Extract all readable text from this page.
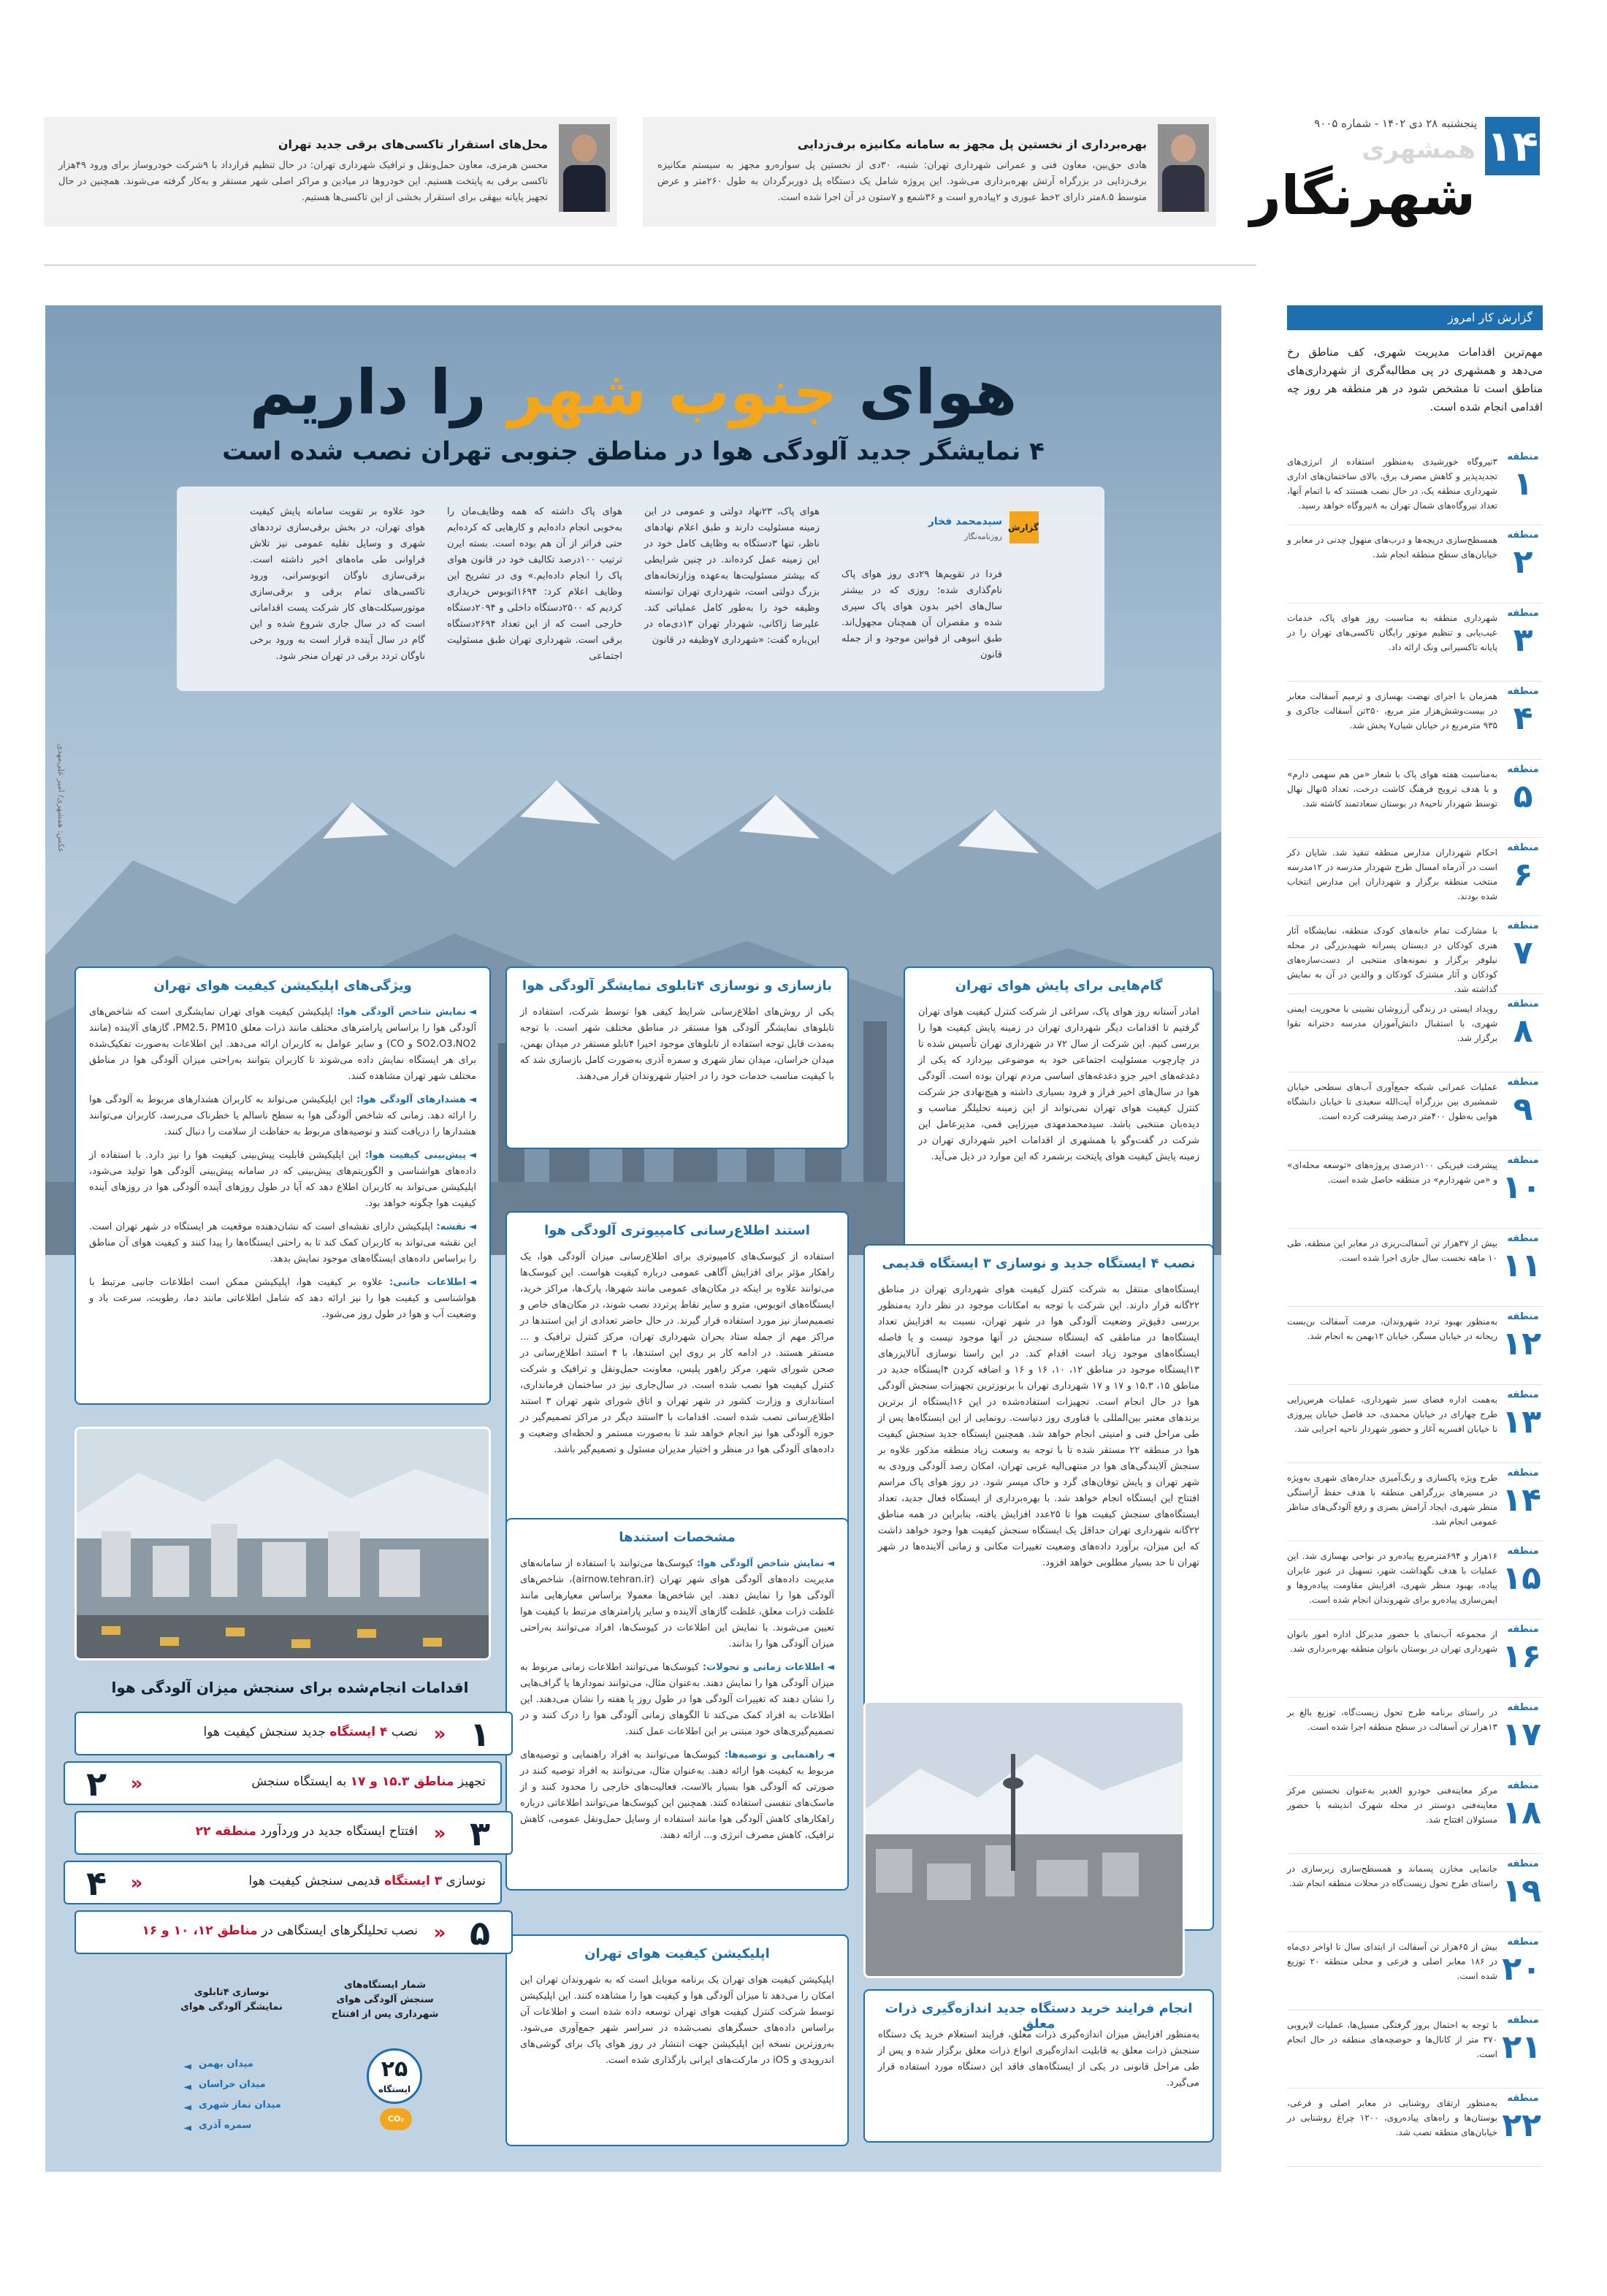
۱۴
پنجشنبه ۲۸ دی ۱۴۰۲ - شماره ۹۰۰۵
همشهری
شهرنگار
بهره‌برداری از نخستین پل مجهز به سامانه مکانیزه برف‌زدایی
هادی حق‌بین، معاون فنی و عمرانی شهرداری تهران: شنبه، ۳۰دی از نخستین پل سواره‌رو مجهز به سیستم مکانیزه برف‌زدایی در بزرگراه آرتش بهره‌برداری می‌شود. این پروژه شامل یک دستگاه پل دوربرگردان به طول ۲۶۰متر و عرض متوسط ۸.۵متر دارای ۲خط عبوری و ۲پیاده‌رو است و ۳۶شمع و ۷ستون در آن اجرا شده است.
محل‌های استقرار تاکسی‌های برقی جدید تهران
محسن هرمزی، معاون حمل‌ونقل و ترافیک شهرداری تهران: در حال تنظیم قرارداد با ۹شرکت خودروساز برای ورود ۴۹هزار تاکسی برقی به پایتخت هستیم. این خودروها در میادین و مراکز اصلی شهر مستقر و به‌کار گرفته می‌شوند. همچنین در حال تجهیز پایانه بیهقی برای استقرار بخشی از این تاکسی‌ها هستیم.
گزارش کار امروز
مهم‌ترین اقدامات مدیریت شهری، کف مناطق رخ می‌دهد و همشهری در پی مطالبه‌گری از شهرداری‌های مناطق است تا مشخص شود در هر منطقه هر روز چه اقدامی انجام شده است.
منطقه
۱
۳نیروگاه خورشیدی به‌منظور استفاده از انرژی‌های تجدیدپذیر و کاهش مصرف برق، بالای ساختمان‌های اداری شهرداری منطقه یک، در حال نصب هستند که با اتمام آنها، تعداد نیروگاه‌های شمال تهران به ۸نیروگاه خواهد رسید.
منطقه
۲
همسطح‌سازی دریچه‌ها و درب‌های منهول چدنی در معابر و خیابان‌های سطح منطقه انجام شد.
منطقه
۳
شهرداری منطقه به مناسبت روز هوای پاک، خدمات عیب‌یابی و تنظیم موتور رایگان تاکسی‌های تهران را در پایانه تاکسیرانی ونک ارائه داد.
منطقه
۴
همزمان با اجرای نهضت بهسازی و ترمیم آسفالت معابر در بیست‌وشش‌هزار متر مربع، ۲۵۰تن آسفالت جاکری و ۹۳۵ مترمربع در خیابان شیان۷ پخش شد.
منطقه
۵
به‌مناسبت هفته هوای پاک با شعار «من هم سهمی دارم» و با هدف ترویج فرهنگ کاشت درخت، تعداد ۵نهال نهال توسط شهردار ناحیه۸ در بوستان سعادتمند کاشته شد.
منطقه
۶
احکام شهرداران مدارس منطقه تنفیذ شد. شایان ذکر است در آذرماه امسال طرح شهردار مدرسه در ۱۲مدرسه منتخب منطقه برگزار و شهرداران این مدارس انتخاب شده بودند.
منطقه
۷
با مشارکت تمام خانه‌های کودک منطقه، نمایشگاه آثار هنری کودکان در دبستان پسرانه شهیدبزرگی در محله نیلوفر برگزار و نمونه‌های منتخبی از دست‌سازه‌های کودکان و آثار مشترک کودکان و والدین در آن به نمایش گذاشته شد.
منطقه
۸
رویداد ایستی در زندگی آرزوشان نشینی با محوریت ایمنی شهری، با استقبال دانش‌آموزان مدرسه دخترانه نقوا برگزار شد.
منطقه
۹
عملیات عمرانی شبکه جمع‌آوری آب‌های سطحی خیابان شمشیری بین بزرگراه آیت‌الله سعیدی تا خیابان دانشگاه هوایی به‌طول ۴۰۰متر درصد پیشرفت کرده است.
منطقه
۱۰
پیشرفت فیزیکی ۱۰۰درصدی پروژه‌های «توسعه محله‌ای» و «من شهردارم» در منطقه حاصل شده است.
منطقه
۱۱
بیش از ۳۷هزار تن آسفالت‌ریزی در معابر این منطقه، طی ۱۰ ماهه نخست سال جاری اجرا شده است.
منطقه
۱۲
به‌منظور بهبود تردد شهروندان، مرمت آسفالت بن‌بست ریحانه در خیابان مسگر، خیابان ۱۲بهمن به انجام شد.
منطقه
۱۳
به‌همت اداره فضای سبز شهرداری، عملیات هرس‌زایی طرح چهارای در خیابان محمدی، حد فاصل خیابان پیروزی تا خیابان افسریه آغاز و حضور شهردار ناحیه اجرایی شد.
منطقه
۱۴
طرح ویژه پاکسازی و رنگ‌آمیزی جداره‌های شهری به‌ویژه در مسیرهای بزرگراهی منطقه با هدف حفظ آراستگی منظر شهری، ایجاد آرامش بصری و رفع آلودگی‌های مناظر عمومی انجام شد.
منطقه
۱۵
۱۶هزار و ۶۹۴مترمربع پیاده‌رو در نواحی بهسازی شد. این عملیات با هدف نگهداشت شهر، تسهیل در عبور عابران پیاده، بهبود منظر شهری، افزایش مقاومت پیاده‌روها و ایمن‌سازی پیاده‌رو برای شهروندان انجام شده است.
منطقه
۱۶
از مجموعه آب‌نمای با حضور مدیرکل اداره امور بانوان شهرداری تهران در بوستان بانوان منطقه بهره‌برداری شد.
منطقه
۱۷
در راستای برنامه طرح تحول زیست‌گاه، توزیع بالغ بر ۱۳هزار تن آسفالت در سطح منطقه اجرا شده است.
منطقه
۱۸
مرکز معاینه‌فنی خودرو الغدیر به‌عنوان نخستین مرکز معاینه‌فنی دوسنتر در محله شهرک اندیشه با حضور مسئولان افتتاح شد.
منطقه
۱۹
جانمایی مخازن پسماند و همسطح‌سازی زیرسازی در راستای طرح تحول زیست‌گاه در محلات منطقه انجام شد.
منطقه
۲۰
بیش از ۶۵هزار تن آسفالت از ابتدای سال تا اواخر دی‌ماه در ۱۸۶ معابر اصلی و فرعی و محلی منطقه ۲۰ توزیع شده است.
منطقه
۲۱
با توجه به احتمال بروز گرفتگی مسیل‌ها، عملیات لایروبی ۳۷۰ متر از کانال‌ها و حوضچه‌های منطقه در حال انجام است.
منطقه
۲۲
به‌منظور ارتقای روشنایی در معابر اصلی و فرعی، بوستان‌ها و راه‌های پیاده‌روی، ۱۲۰۰ چراغ روشنایی در خیابان‌های منطقه نصب شد.
هوای جنوب شهر را داریم
۴ نمایشگر جدید آلودگی هوا در مناطق جنوبی تهران نصب شده است
عکس: همشهری/ امیر علی‌مهدی
گزارش
سیدمحمد فخار
روزنامه‌نگار
فردا در تقویم‌ها ۲۹دی روز هوای پاک نام‌گذاری شده؛ روزی که در بیشتر سال‌های اخیر بدون هوای پاک سپری شده و مقصران آن همچنان مجهول‌اند. طبق انبوهی از قوانین موجود و از جمله قانون
هوای پاک، ۲۳نهاد دولتی و عمومی در این زمینه مسئولیت دارند و طبق اعلام نهادهای ناظر، تنها ۳دستگاه به وظایف کامل خود در این زمینه عمل کرده‌اند. در چنین شرایطی که بیشتر مسئولیت‌ها به‌عهده وزارتخانه‌های بزرگ دولتی است، شهرداری تهران توانسته وظیفه خود را به‌طور کامل عملیاتی کند. علیرضا زاکانی، شهردار تهران ۱۳دی‌ماه در این‌باره گفت: «شهرداری ۷وظیفه در قانون
هوای پاک داشته که همه وظایف‌مان را به‌خوبی انجام داده‌ایم و کارهایی که کرده‌ایم حتی فراتر از آن هم بوده است. بسته ایرن ترتیب ۱۰۰درصد تکالیف خود در قانون هوای پاک را انجام داده‌ایم.» وی در تشریح این وظایف اعلام کرد: ۱۶۹۴اتوبوس خریداری کردیم که ۲۵۰۰دستگاه داخلی و ۲۰۹۴دستگاه خارجی است که از این تعداد ۲۶۹۴دستگاه برقی است. شهرداری تهران طبق مسئولیت اجتماعی
خود علاوه بر تقویت سامانه پایش کیفیت هوای تهران، در بخش برقی‌سازی ترددهای شهری و وسایل نقلیه عمومی نیز تلاش فراوانی طی ماه‌های اخیر داشته است. برقی‌سازی ناوگان اتوبوسرانی، ورود تاکسی‌های تمام برقی و برقی‌سازی موتورسیکلت‌های کار شرکت پست اقداماتی است که در سال جاری شروع شده و این گام در سال آینده قرار است به ورود برخی ناوگان تردد برقی در تهران منجر شود.
گام‌هایی برای پایش هوای تهران
امادر آستانه روز هوای پاک، سراغی از شرکت کنترل کیفیت هوای تهران گرفتیم تا اقدامات دیگر شهرداری تهران در زمینه پایش کیفیت هوا را بررسی کنیم. این شرکت از سال ۷۲ در شهرداری تهران تأسیس شده تا در چارچوب مسئولیت اجتماعی خود به موضوعی بپردازد که یکی از دغدغه‌های اخیر جزو دغدغه‌های اساسی مردم تهران بوده است. آلودگی هوا در سال‌های اخیر فراز و فرود بسیاری داشته و هیچ‌نهادی جز شرکت کنترل کیفیت هوای تهران نمی‌تواند از این زمینه تحلیلگر مناسب و دیده‌بان منتخبی باشد. سیدمحمدمهدی میرزایی قمی، مدیرعامل این شرکت در گفت‌وگو با همشهری از اقدامات اخیر شهرداری تهران در زمینه پایش کیفیت هوای پایتخت برشمرد که این موارد در ذیل می‌آید.
نصب ۴ ایستگاه جدید و نوسازی ۳ ایستگاه قدیمی
ایستگاه‌های منتقل به شرکت کنترل کیفیت هوای شهرداری تهران در مناطق ۲۲گانه قرار دارند. این شرکت با توجه به امکانات موجود در نظر دارد به‌منظور بررسی دقیق‌تر وضعیت آلودگی هوا در شهر تهران، نسبت به افزایش تعداد ایستگاه‌ها در مناطقی که ایستگاه سنجش در آنها موجود نیست و یا فاصله ایستگاه‌های موجود زیاد است اقدام کند. در این راستا نوسازی آنالایزرهای ۱۳ایستگاه موجود در مناطق ۱۲، ۱۰، ۱۶ و ۱۶ و اضافه کردن ۴ایستگاه جدید در مناطق ۱۵، ۱۵.۳ و ۱۷ و ۱۷ شهرداری تهران با برنوزترین تجهیزات سنجش آلودگی هوا در حال انجام است. تجهیزات استفاده‌شده در این ۱۶ایستگاه از برترین برندهای معتبر بین‌المللی با فناوری روز دنیاست. رونمایی از این ایستگاه‌ها پس از طی مراحل فنی و امنیتی انجام خواهد شد. همچنین ایستگاه جدید سنجش کیفیت هوا در منطقه ۲۲ مستقر شده تا با توجه به وسعت زیاد منطقه مذکور علاوه بر سنجش آلایندگی‌های هوا در منتهی‌الیه غربی تهران، امکان رصد آلودگی ورودی به شهر تهران و پایش توفان‌های گرد و خاک میسر شود. در روز هوای پاک مراسم افتتاح این ایستگاه انجام خواهد شد. با بهره‌برداری از ایستگاه فعال جدید، تعداد ایستگاه‌های سنجش کیفیت هوا تا ۲۵عدد افزایش یافته، بنابراین در همه مناطق ۲۲گانه شهرداری تهران حداقل یک ایستگاه سنجش کیفیت هوا وجود خواهد داشت که این میزان، برآورد داده‌های وضعیت تغییرات مکانی و زمانی آلاینده‌ها در شهر تهران تا حد بسیار مطلوبی خواهد افزود.
انجام فرایند خرید دستگاه جدید اندازه‌گیری ذرات معلق
به‌منظور افزایش میزان اندازه‌گیری ذرات معلق، فرایند استعلام خرید یک دستگاه سنجش ذرات معلق به قابلیت اندازه‌گیری انواع ذرات معلق برگزار شده و پس از طی مراحل قانونی در یکی از ایستگاه‌های فاقد این دستگاه مورد استفاده قرار می‌گیرد.
بازسازی و نوسازی ۴تابلوی نمایشگر آلودگی هوا
یکی از روش‌های اطلاع‌رسانی شرایط کیفی هوا توسط شرکت، استفاده از تابلوهای نمایشگر آلودگی هوا مستقر در مناطق مختلف شهر است. با توجه به‌مدت قابل توجه استفاده از تابلوهای موجود اخیرا ۴تابلو مستقر در میدان بهمن، میدان خراسان، میدان نماز شهری و سمره آذری به‌صورت کامل بازسازی شد که با کیفیت مناسب خدمات خود را در اختیار شهروندان قرار می‌دهند.
استند اطلاع‌رسانی کامپیوتری آلودگی هوا
استفاده از کیوسک‌های کامپیوتری برای اطلاع‌رسانی میزان آلودگی هوا، یک راهکار مؤثر برای افزایش آگاهی عمومی درباره کیفیت هواست. این کیوسک‌ها می‌توانند علاوه بر اینکه در مکان‌های عمومی مانند شهرها، پارک‌ها، مراکز خرید، ایستگاه‌های اتوبوس، مترو و سایر نقاط پرتردد نصب شوند، در مکان‌های خاص و تصمیم‌ساز نیز مورد استفاده قرار گیرند. در حال حاضر تعدادی از این استندها در مراکز مهم از جمله ستاد بحران شهرداری تهران، مرکز کنترل ترافیک و ... مستقر هستند. در ادامه کار بر روی این استندها، با ۴ استند اطلاع‌رسانی در صحن شورای شهر، مرکز راهور پلیس، معاونت حمل‌ونقل و ترافیک و شرکت کنترل کیفیت هوا نصب شده است. در سال‌جاری نیز در ساختمان فرمانداری، استانداری و وزارت کشور در شهر تهران و اتاق شورای شهر تهران ۳ استند اطلاع‌رسانی نصب شده است. اقدامات با ۳استند دیگر در مراکز تصمیم‌گیر در حوزه آلودگی هوا نیز انجام خواهد شد تا به‌صورت مستمر و لحظه‌ای وضعیت و داده‌های آلودگی هوا در منظر و اختیار مدیران مسئول و تصمیم‌گیر باشد.
مشخصات استندها
◄نمایش شاخص آلودگی هوا: کیوسک‌ها می‌توانند با استفاده از سامانه‌های مدیریت داده‌های آلودگی هوای شهر تهران (airnow.tehran.ir)، شاخص‌های آلودگی هوا را نمایش دهند. این شاخص‌ها معمولا براساس معیارهایی مانند غلظت ذرات معلق، غلظت گازهای آلاینده و سایر پارامترهای مرتبط با کیفیت هوا تعیین می‌شوند. با نمایش این اطلاعات در کیوسک‌ها، افراد می‌توانند به‌راحتی میزان آلودگی هوا را بدانند.
◄اطلاعات زمانی و تحولات: کیوسک‌ها می‌توانند اطلاعات زمانی مربوط به میزان آلودگی هوا را نمایش دهند. به‌عنوان مثال، می‌توانند نمودارها یا گراف‌هایی را نشان دهند که تغییرات آلودگی هوا در طول روز یا هفته را نشان می‌دهند. این اطلاعات به افراد کمک می‌کند تا الگوهای زمانی آلودگی هوا را درک کنند و در تصمیم‌گیری‌های خود مبتنی بر این اطلاعات عمل کنند.
◄راهنمایی و توصیه‌ها: کیوسک‌ها می‌توانند به افراد راهنمایی و توصیه‌های مربوط به کیفیت هوا ارائه دهند. به‌عنوان مثال، می‌توانند به افراد توصیه کنند در صورتی که آلودگی هوا بسیار بالاست، فعالیت‌های خارجی را محدود کنند و از ماسک‌های تنفسی استفاده کنند. همچنین این کیوسک‌ها می‌توانند اطلاعاتی درباره راهکارهای کاهش آلودگی هوا مانند استفاده از وسایل حمل‌ونقل عمومی، کاهش ترافیک، کاهش مصرف انرژی و... ارائه دهند.
اپلیکیشن کیفیت هوای تهران
اپلیکیشن کیفیت هوای تهران یک برنامه موبایل است که به شهروندان تهران این امکان را می‌دهد تا میزان آلودگی هوا و کیفیت هوا را مشاهده کنند. این اپلیکیشن توسط شرکت کنترل کیفیت هوای تهران توسعه داده شده است و اطلاعات آن براساس داده‌های حسگرهای نصب‌شده در سراسر شهر جمع‌آوری می‌شود. به‌روزترین نسخه این اپلیکیشن جهت انتشار در روز هوای پاک برای گوشی‌های اندرویدی و iOS در مارکت‌های ایرانی بارگذاری شده است.
ویژگی‌های اپلیکیشن کیفیت هوای تهران
◄نمایش شاخص آلودگی هوا: اپلیکیشن کیفیت هوای تهران نمایشگری است که شاخص‌های آلودگی هوا را براساس پارامترهای مختلف مانند ذرات معلق PM2.5، PM10، گازهای آلاینده (مانند SO2،O3،NO2 و CO) و سایر عوامل به کاربران ارائه می‌دهد. این اطلاعات به‌صورت تفکیک‌شده برای هر ایستگاه نمایش داده می‌شوند تا کاربران بتوانند به‌راحتی میزان آلودگی هوا در مناطق مختلف شهر تهران مشاهده کنند.
◄هشدارهای آلودگی هوا: این اپلیکیشن می‌تواند به کاربران هشدارهای مربوط به آلودگی هوا را ارائه دهد. زمانی که شاخص آلودگی هوا به سطح ناسالم یا خطرناک می‌رسد، کاربران می‌توانند هشدارها را دریافت کنند و توصیه‌های مربوط به حفاظت از سلامت را دنبال کنند.
◄پیش‌بینی کیفیت هوا: این اپلیکیشن قابلیت پیش‌بینی کیفیت هوا را نیز دارد. با استفاده از داده‌های هواشناسی و الگوریتم‌های پیش‌بینی که در سامانه پیش‌بینی آلودگی هوا تولید می‌شود، اپلیکیشن می‌تواند به کاربران اطلاع دهد که آیا در طول روزهای آینده آلودگی هوا در روزهای آینده کیفیت هوا چگونه خواهد بود.
◄نقشه: اپلیکیشن دارای نقشه‌ای است که نشان‌دهنده موقعیت هر ایستگاه در شهر تهران است. این نقشه می‌تواند به کاربران کمک کند تا به راحتی ایستگاه‌ها را پیدا کنند و کیفیت هوای آن مناطق را براساس داده‌های ایستگاه‌های موجود نمایش بدهد.
◄اطلاعات جانبی: علاوه بر کیفیت هوا، اپلیکیشن ممکن است اطلاعات جانبی مرتبط با هواشناسی و کیفیت هوا را نیز ارائه دهد که شامل اطلاعاتی مانند دما، رطوبت، سرعت باد و وضعیت آب و هوا در طول روز می‌شود.
اقدامات انجام‌شده برای سنجش میزان آلودگی هوا
۱
«
نصب ۴ ایستگاه جدید سنجش کیفیت هوا
۲	«	تجهیز مناطق ۱۵.۳ و ۱۷ به ایستگاه سنجش
۳
«
افتتاح ایستگاه جدید در وردآورد منطقه ۲۲
۴	«	نوسازی ۳ ایستگاه قدیمی سنجش کیفیت هوا
۵
«
نصب تحلیلگرهای ایستگاهی در مناطق ۱۲، ۱۰ و ۱۶
شمار ایستگاه‌های سنجش آلودگی هوای شهرداری پس از افتتاح
نوسازی ۴تابلوی نمایشگر آلودگی هوای
میدان بهمن
◄
میدان خراسان
◄
میدان نماز شهری
◄
سمره آذری
◄
۲۵
ایستگاه
CO₂
